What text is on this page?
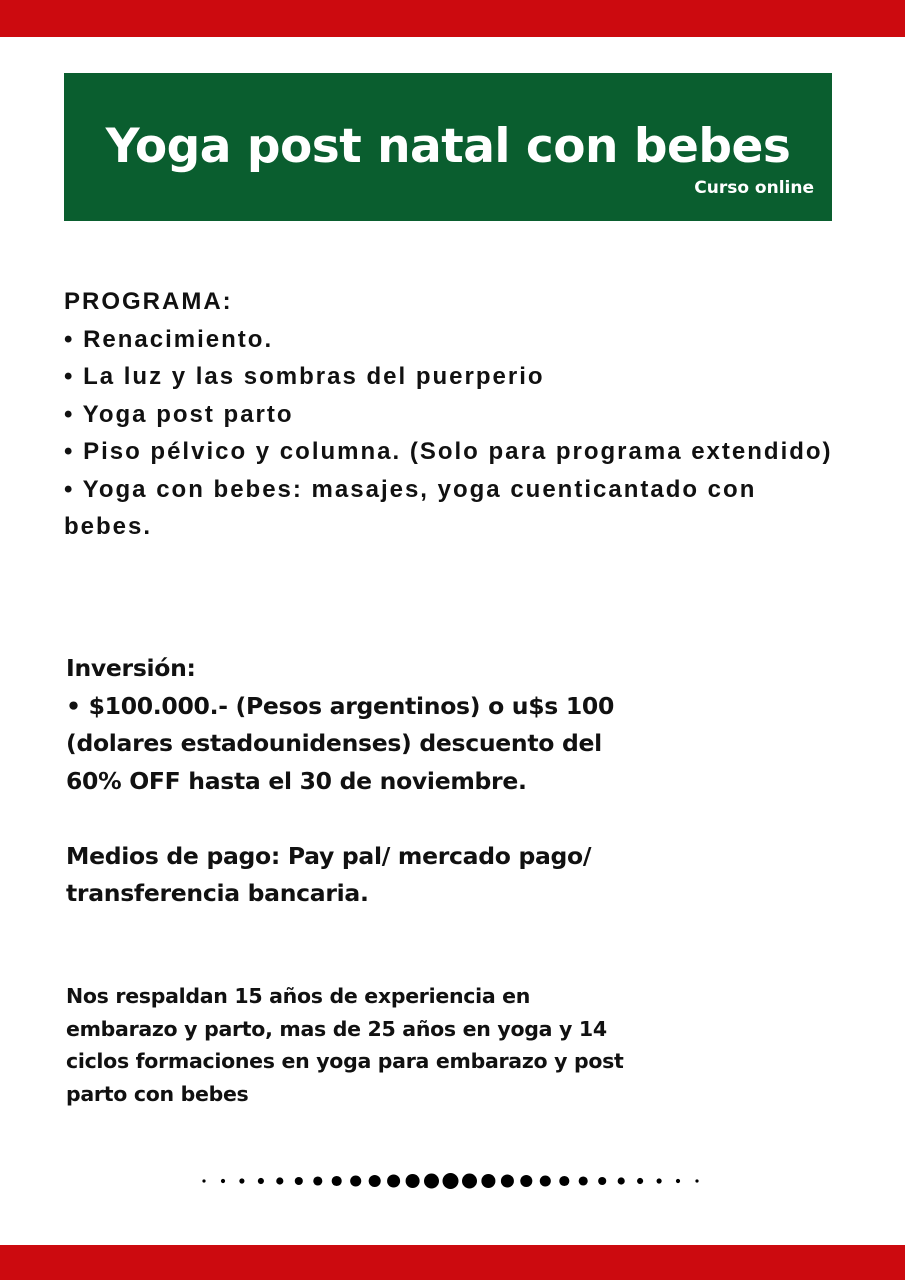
Yoga post natal con bebes
Curso online
PROGRAMA:
• Renacimiento.
• La luz y las sombras del puerperio
• Yoga post parto
• Piso pélvico y columna. (Solo para programa extendido)
• Yoga con bebes: masajes, yoga cuenticantado con bebes.
Inversión:

• $100.000.- (Pesos argentinos) o u$s 100 (dolares estadounidenses) descuento del 60% OFF hasta el 30 de noviembre.

Medios de pago: Pay pal/ mercado pago/ transferencia bancaria.

Nos respaldan 15 años de experiencia en embarazo y parto, mas de 25 años en yoga y 14 ciclos formaciones en yoga para embarazo y post parto con bebes
